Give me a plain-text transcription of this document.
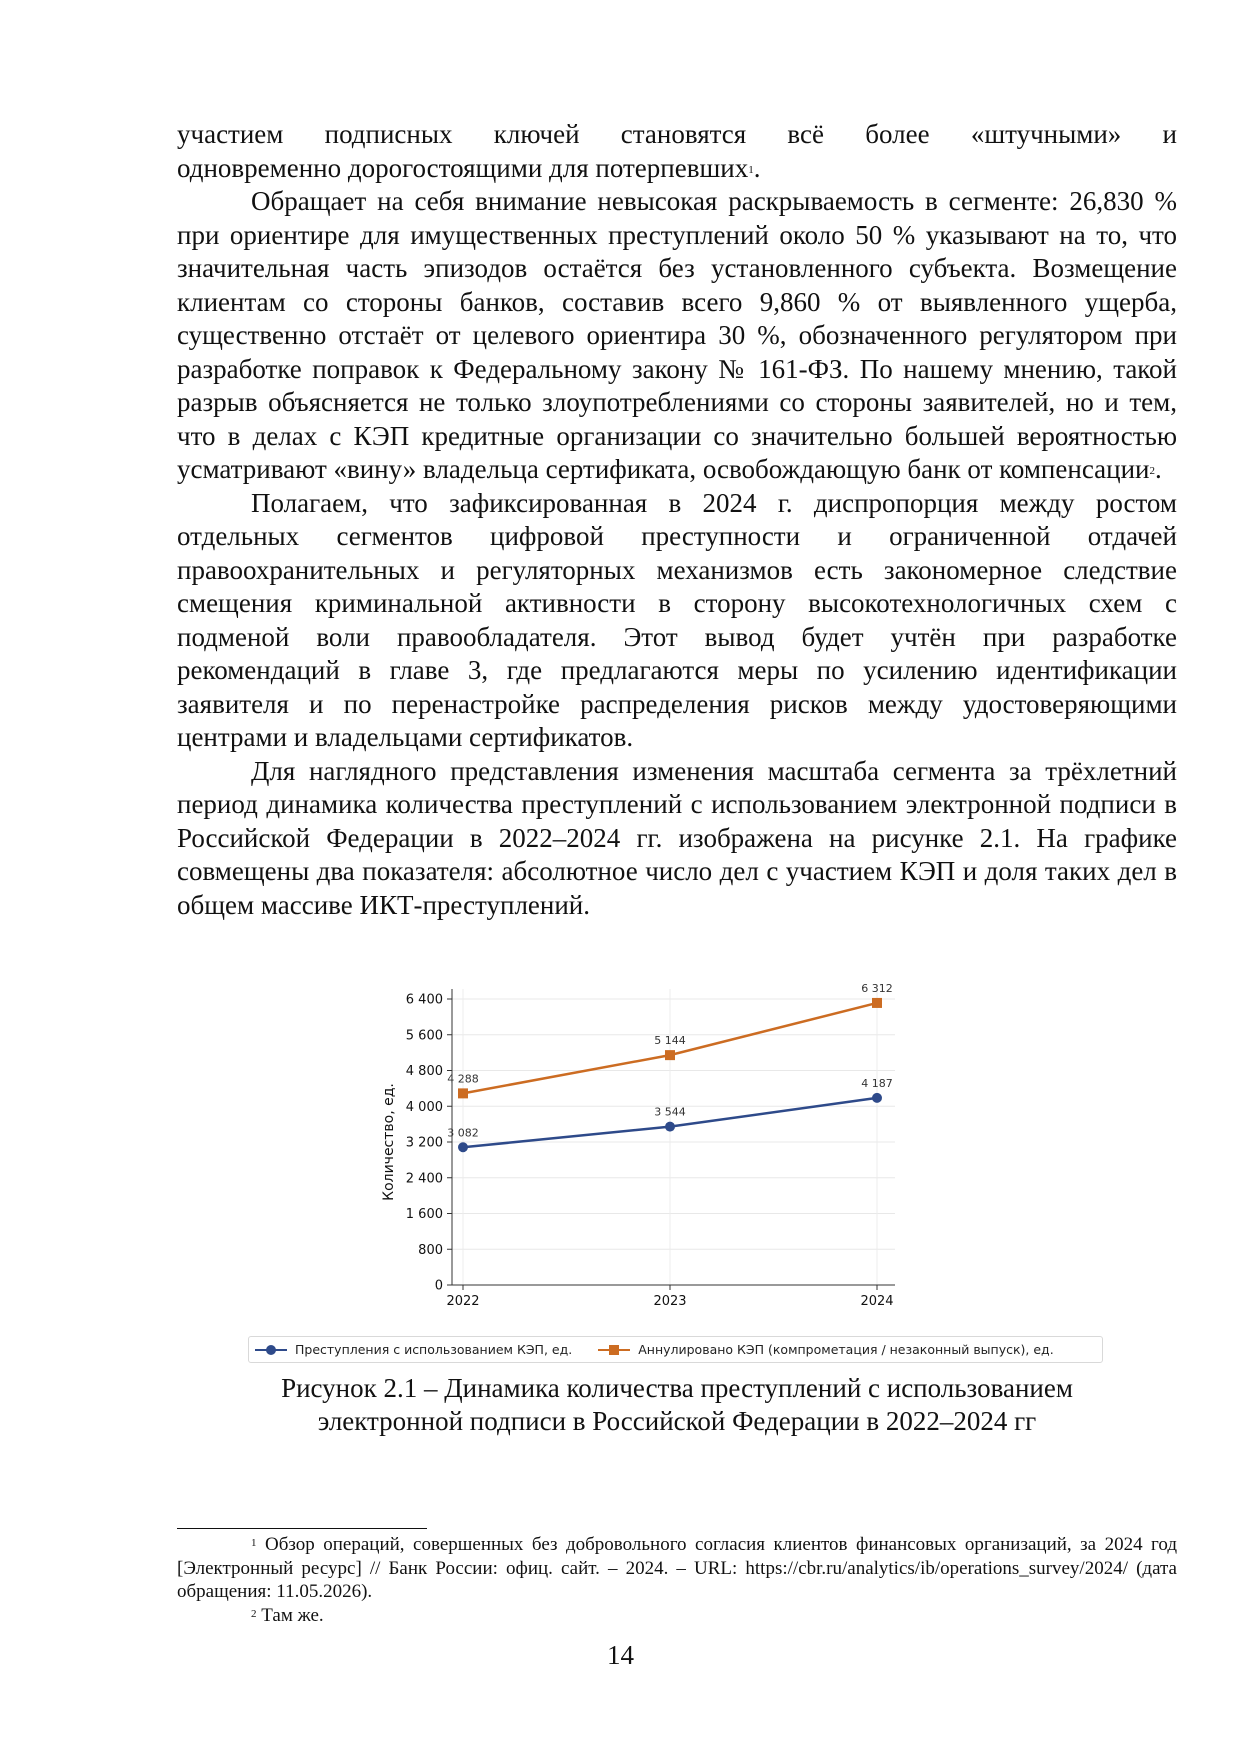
участием подписных ключей становятся всё более «штучными» и

одновременно дорогостоящими для потерпевших$^1$.

Обращает на себя внимание невысокая раскрываемость в сегменте: 26,830 % при ориентире для имущественных преступлений около 50 % указывают на то, что значительная часть эпизодов остаётся без установленного субъекта. Возмещение клиентам со стороны банков, составив всего 9,860 % от выявленного ущерба, существенно отстаёт от целевого ориентира 30 %, обозначенного регулятором при разработке поправок к Федеральному закону № 161-ФЗ. По нашему мнению, такой разрыв объясняется не только злоупотреблениями со стороны заявителей, но и тем, что в делах с КЭП кредитные организации со значительно большей вероятностью усматривают «вину» владельца сертификата, освобождающую банк от компенсации$^2$.

Полагаем, что зафиксированная в 2024 г. диспропорция между ростом отдельных сегментов цифровой преступности и ограниченной отдачей правоохранительных и регуляторных механизмов есть закономерное следствие смещения криминальной активности в сторону высокотехнологичных схем с подменой воли правообладателя. Этот вывод будет учтён при разработке рекомендаций в главе 3, где предлагаются меры по усилению идентификации заявителя и по перенастройке распределения рисков между удостоверяющими центрами и владельцами сертификатов.

Для наглядного представления изменения масштаба сегмента за трёхлетний период динамика количества преступлений с использованием электронной подписи в Российской Федерации в 2022–2024 гг. изображена на рисунке 2.1. На графике совмещены два показателя: абсолютное число дел с участием КЭП и доля таких дел в общем массиве ИКТ-преступлений.

0
800
1 600
2 400
3 200
4 000
4 800
5 600
6 400
2022	2023	2024
Количество, ед.	3 082
3 544
4 187
4 288
5 144
6 312
Преступления с использованием КЭП, ед.	Аннулировано КЭП (компрометация / незаконный выпуск), ед.
Рисунок 2.1 – Динамика количества преступлений с использованием
электронной подписи в Российской Федерации в 2022–2024 гг

$^1$ Обзор операций, совершенных без добровольного согласия клиентов финансовых организаций, за 2024 год [Электронный ресурс] // Банк России: офиц. сайт. – 2024. – URL: https://cbr.ru/analytics/ib/operations_survey/2024/ (дата обращения: 11.05.2026).

$^2$ Там же.

14
